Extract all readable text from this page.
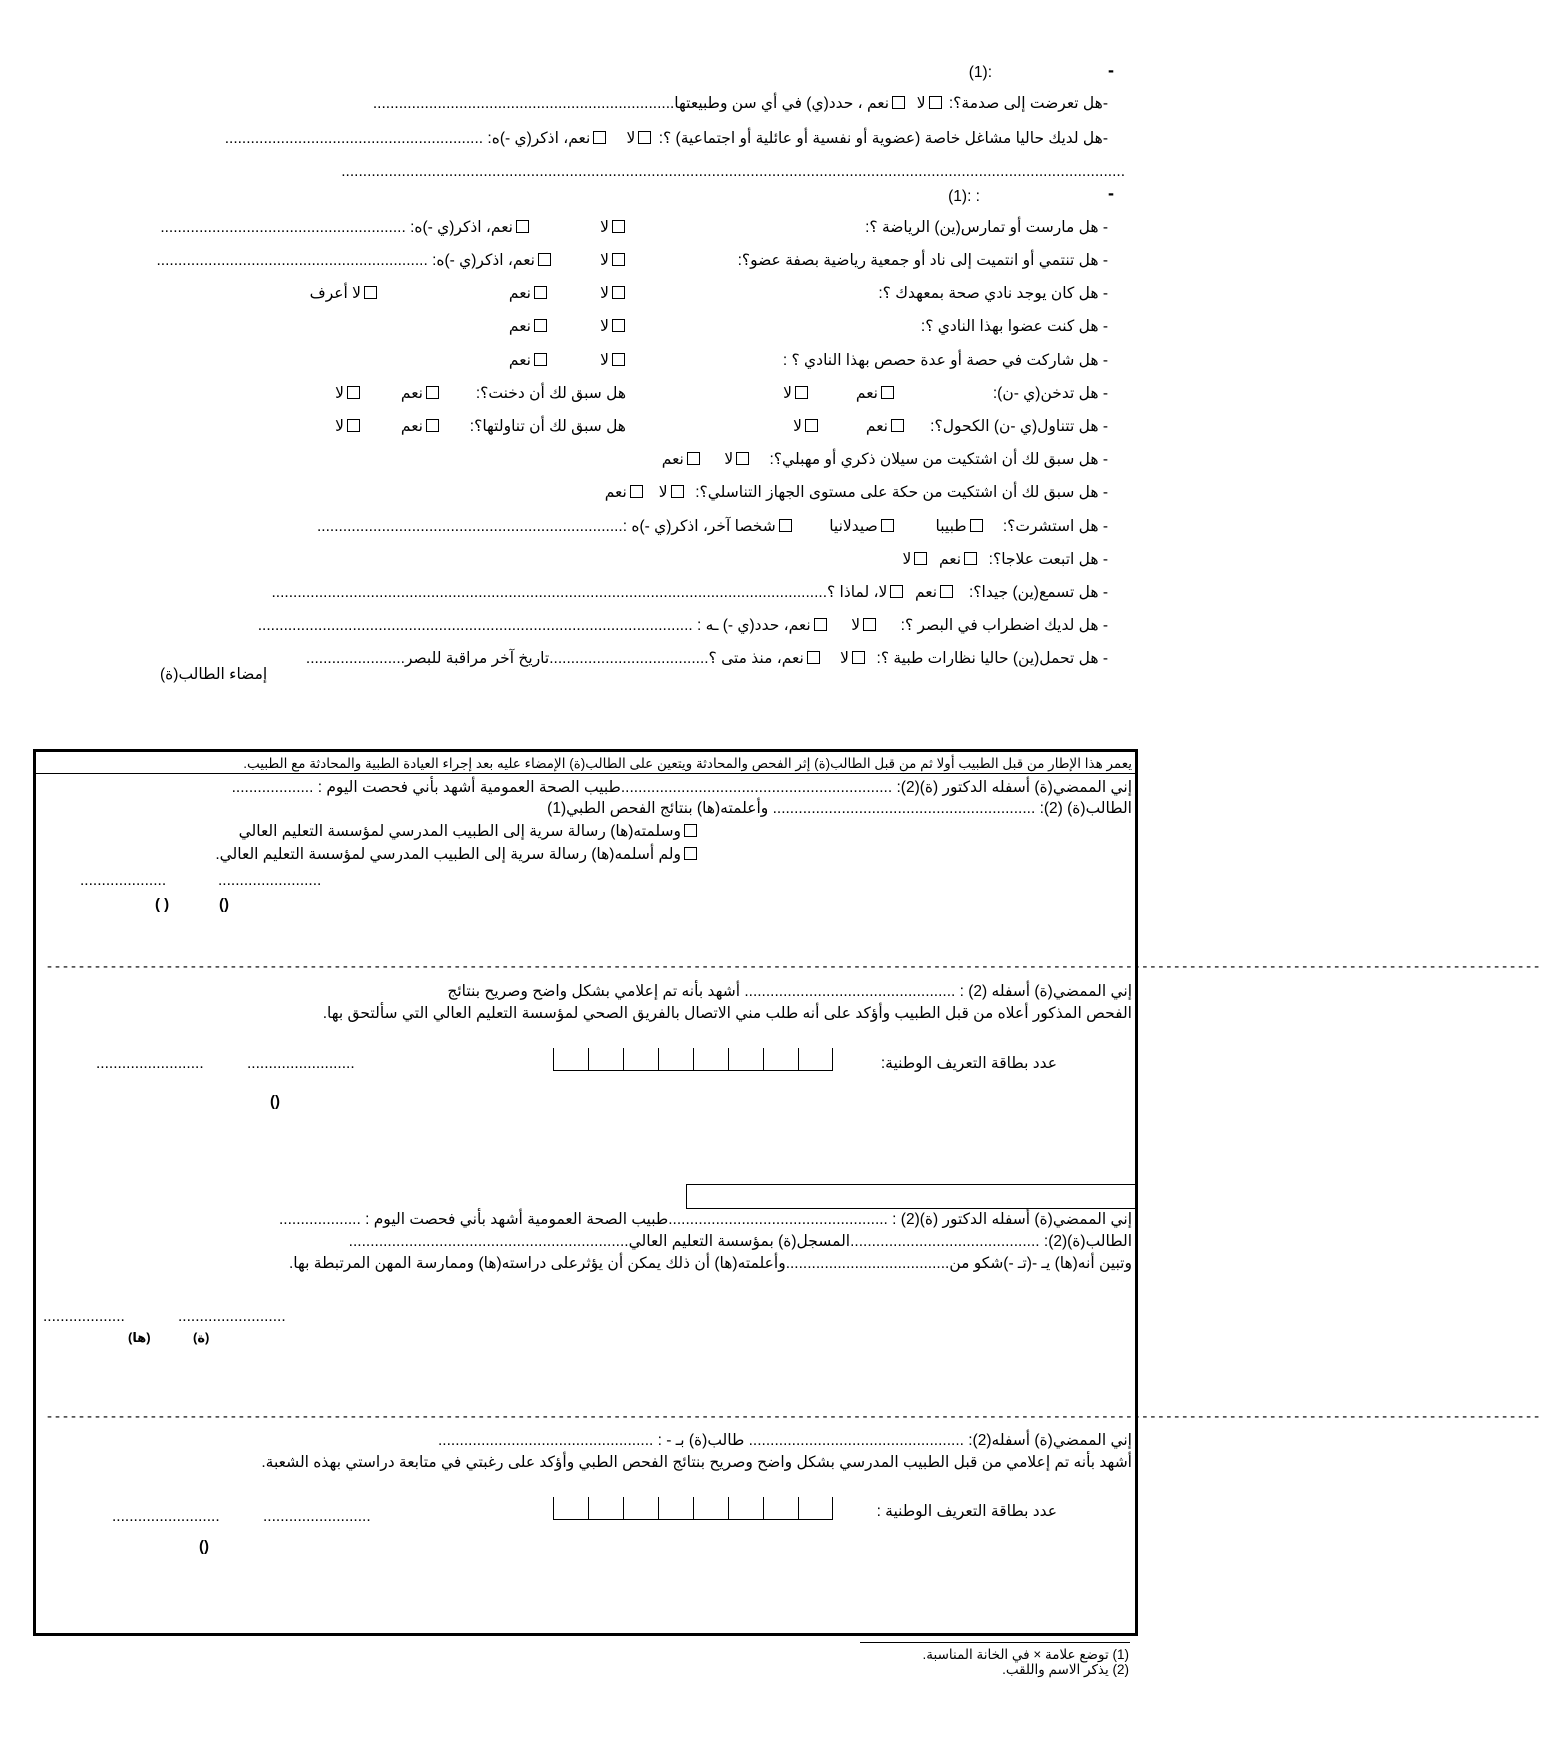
-
:(1)
-هل تعرضت إلى صدمة؟: لا  نعم ، حدد(ي) في أي سن وطبيعتها......................................................................
-هل لديك حاليا مشاغل خاصة (عضوية أو نفسية أو عائلية أو اجتماعية) ؟: لا    نعم، اذكر(ي -)ه: ............................................................
......................................................................................................................................................................................
-
: :(1)
- هل مارست أو تمارس(ين) الرياضة ؟:
لا
نعم، اذكر(ي -)ه: .........................................................
- هل تنتمي أو انتميت إلى ناد أو جمعية رياضية بصفة عضو؟:
لا
نعم، اذكر(ي -)ه: ...............................................................
- هل كان يوجد نادي صحة بمعهدك ؟:
لا
نعم
لا أعرف
- هل كنت عضوا بهذا النادي ؟:
لا
نعم
- هل شاركت في حصة أو عدة حصص بهذا النادي ؟ :
لا
نعم
- هل تدخن(ي -ن):
نعم
لا
هل سبق لك أن دخنت؟:
نعم
لا
- هل تتناول(ي -ن) الكحول؟:
نعم
لا
هل سبق لك أن تناولتها؟:
نعم
لا
- هل سبق لك أن اشتكيت من سيلان ذكري أو مهبلي؟:    لا     نعم
- هل سبق لك أن اشتكيت من حكة على مستوى الجهاز التناسلي؟:  لا   نعم
- هل استشرت؟:    طبيبا         صيدلانيا        شخصا آخر، اذكر(ي -)ه :.......................................................................
- هل اتبعت علاجا؟:  نعم  لا
- هل تسمع(ين) جيدا؟:   نعم  لا، لماذا ؟.................................................................................................................................
- هل لديك اضطراب في البصر ؟:     لا     نعم، حدد(ي -) ـه : .....................................................................................................
- هل تحمل(ين) حاليا نظارات طبية ؟:  لا    نعم، منذ متى ؟.....................................تاريخ آخر مراقبة للبصر.......................
إمضاء الطالب(ة)
يعمر هذا الإطار من قبل الطبيب أولا ثم من قبل الطالب(ة) إثر الفحص والمحادثة ويتعين على الطالب(ة) الإمضاء عليه بعد إجراء العيادة الطبية والمحادثة مع الطبيب.
إني الممضي(ة) أسفله الدكتور (ة)(2): ...............................................................طبيب الصحة العمومية أشهد بأني فحصت اليوم : ...................
الطالب(ة) (2): ............................................................. وأعلمته(ها) بنتائج الفحص الطبي(1)
وسلمته(ها) رسالة سرية إلى الطبيب المدرسي لمؤسسة التعليم العالي
ولم أسلمه(ها) رسالة سرية إلى الطبيب المدرسي لمؤسسة التعليم العالي.
........................
....................
()
( )
-------------------------------------------------------------------------------------------------------------------------------------------------------------------------------------------
إني الممضي(ة) أسفله (2) : ................................................. أشهد بأنه تم إعلامي بشكل واضح وصريح بنتائج
الفحص المذكور أعلاه من قبل الطبيب وأؤكد على أنه طلب مني الاتصال بالفريق الصحي لمؤسسة التعليم العالي التي سألتحق بها.
عدد بطاقة التعريف الوطنية:
.........................
.........................
()
إني الممضي(ة) أسفله الدكتور (ة)(2) : ...................................................طبيب الصحة العمومية أشهد بأني فحصت اليوم : ...................
الطالب(ة)(2): ............................................المسجل(ة) بمؤسسة التعليم العالي.................................................................
وتبين أنه(ها) يـ -(تـ -)شكو من......................................وأعلمته(ها) أن ذلك يمكن أن يؤثرعلى دراسته(ها) وممارسة المهن المرتبطة بها.
.........................
...................
(ة)
(ها)
-------------------------------------------------------------------------------------------------------------------------------------------------------------------------------------------
إني الممضي(ة) أسفله(2): .................................................. طالب(ة) بـ - : ..................................................
أشهد بأنه تم إعلامي من قبل الطبيب المدرسي بشكل واضح وصريح بنتائج الفحص الطبي وأؤكد على رغبتي في متابعة دراستي بهذه الشعبة.
عدد بطاقة التعريف الوطنية :
.........................
.........................
()
(1) توضع علامة × في الخانة المناسبة.
(2) يذكر الاسم واللقب.
